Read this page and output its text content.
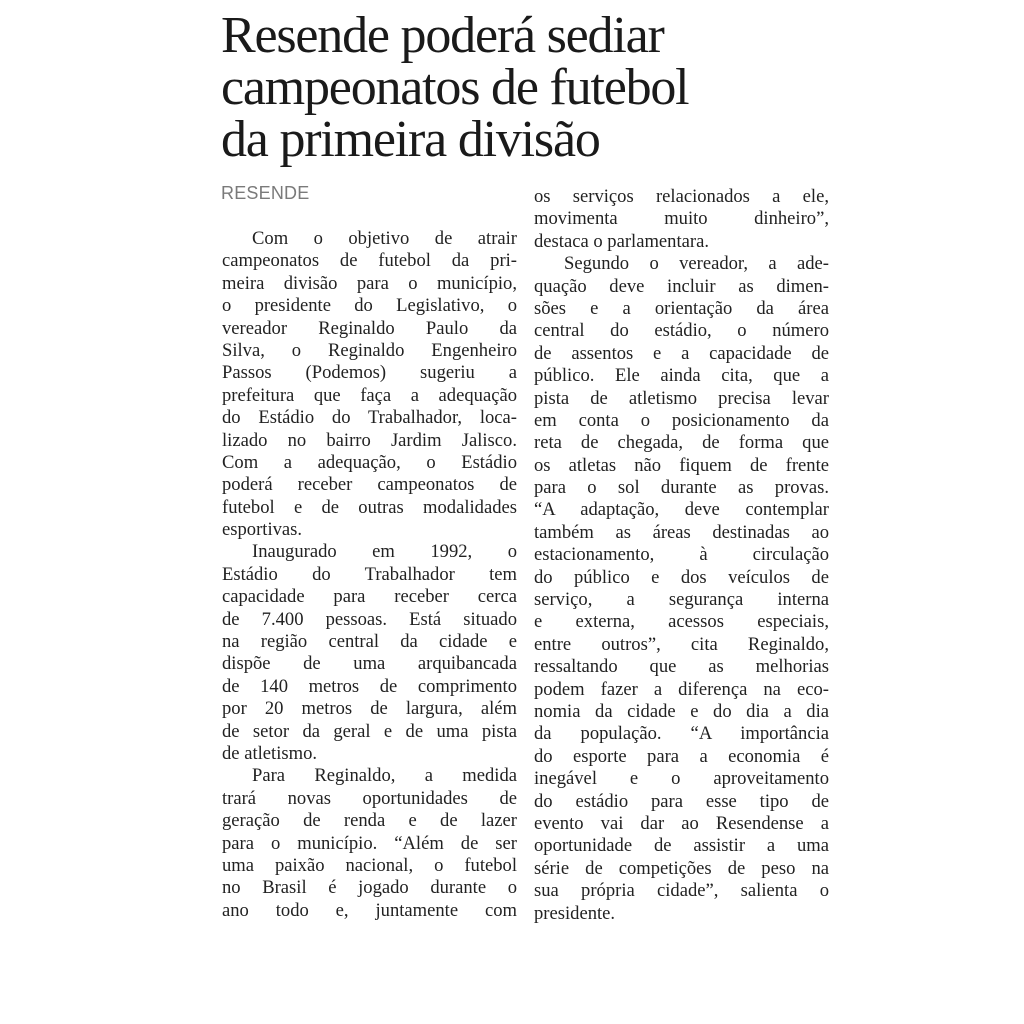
Resende poderá sediar
campeonatos de futebol
da primeira divisão
RESENDE
Com o objetivo de atrair
campeonatos de futebol da pri-
meira divisão para o município,
o presidente do Legislativo, o
vereador Reginaldo Paulo da
Silva, o Reginaldo Engenheiro
Passos (Podemos) sugeriu a
prefeitura que faça a adequação
do Estádio do Trabalhador, loca-
lizado no bairro Jardim Jalisco.
Com a adequação, o Estádio
poderá receber campeonatos de
futebol e de outras modalidades
esportivas.
Inaugurado em 1992, o
Estádio do Trabalhador tem
capacidade para receber cerca
de 7.400 pessoas. Está situado
na região central da cidade e
dispõe de uma arquibancada
de 140 metros de comprimento
por 20 metros de largura, além
de setor da geral e de uma pista
de atletismo.
Para Reginaldo, a medida
trará novas oportunidades de
geração de renda e de lazer
para o município. “Além de ser
uma paixão nacional, o futebol
no Brasil é jogado durante o
ano todo e, juntamente com
os serviços relacionados a ele,
movimenta muito dinheiro”,
destaca o parlamentara.
Segundo o vereador, a ade-
quação deve incluir as dimen-
sões e a orientação da área
central do estádio, o número
de assentos e a capacidade de
público. Ele ainda cita, que a
pista de atletismo precisa levar
em conta o posicionamento da
reta de chegada, de forma que
os atletas não fiquem de frente
para o sol durante as provas.
“A adaptação, deve contemplar
também as áreas destinadas ao
estacionamento, à circulação
do público e dos veículos de
serviço, a segurança interna
e externa, acessos especiais,
entre outros”, cita Reginaldo,
ressaltando que as melhorias
podem fazer a diferença na eco-
nomia da cidade e do dia a dia
da população. “A importância
do esporte para a economia é
inegável e o aproveitamento
do estádio para esse tipo de
evento vai dar ao Resendense a
oportunidade de assistir a uma
série de competições de peso na
sua própria cidade”, salienta o
presidente.
